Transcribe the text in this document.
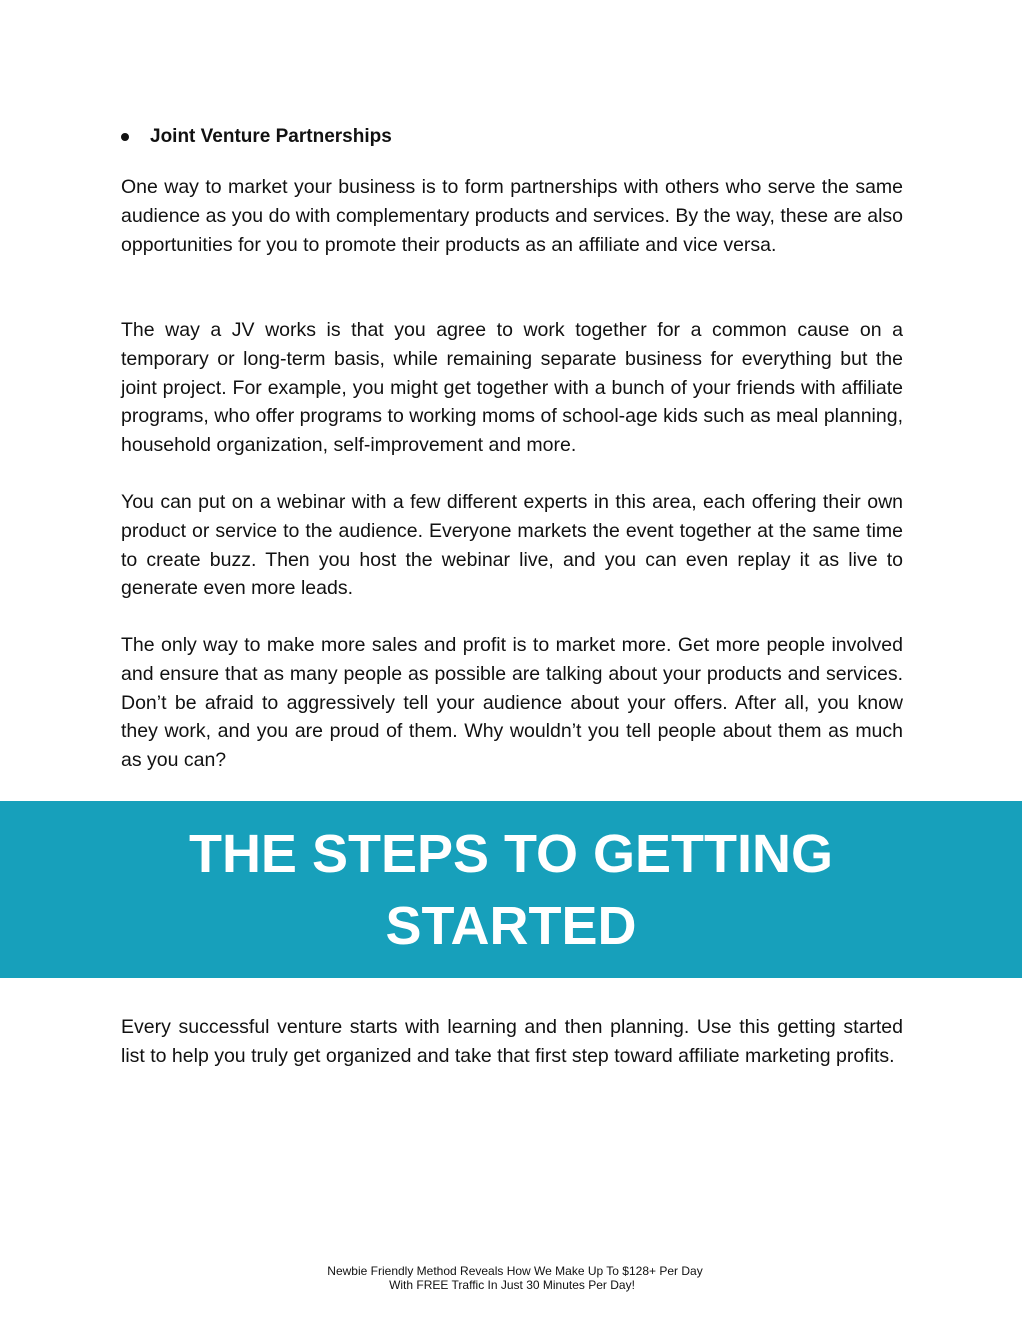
Joint Venture Partnerships

One way to market your business is to form partnerships with others who serve the same audience as you do with complementary products and services. By the way, these are also opportunities for you to promote their products as an affiliate and vice versa.

The way a JV works is that you agree to work together for a common cause on a temporary or long-term basis, while remaining separate business for everything but the joint project. For example, you might get together with a bunch of your friends with affiliate programs, who offer programs to working moms of school-age kids such as meal planning, household organization, self-improvement and more.

You can put on a webinar with a few different experts in this area, each offering their own product or service to the audience. Everyone markets the event together at the same time to create buzz. Then you host the webinar live, and you can even replay it as live to generate even more leads.

The only way to make more sales and profit is to market more. Get more people involved and ensure that as many people as possible are talking about your products and services. Don’t be afraid to aggressively tell your audience about your offers. After all, you know they work, and you are proud of them. Why wouldn’t you tell people about them as much as you can?

THE STEPS TO GETTING STARTED

Every successful venture starts with learning and then planning. Use this getting started list to help you truly get organized and take that first step toward affiliate marketing profits.

Newbie Friendly Method Reveals How We Make Up To $128+ Per Day
With FREE Traffic In Just 30 Minutes Per Day!
